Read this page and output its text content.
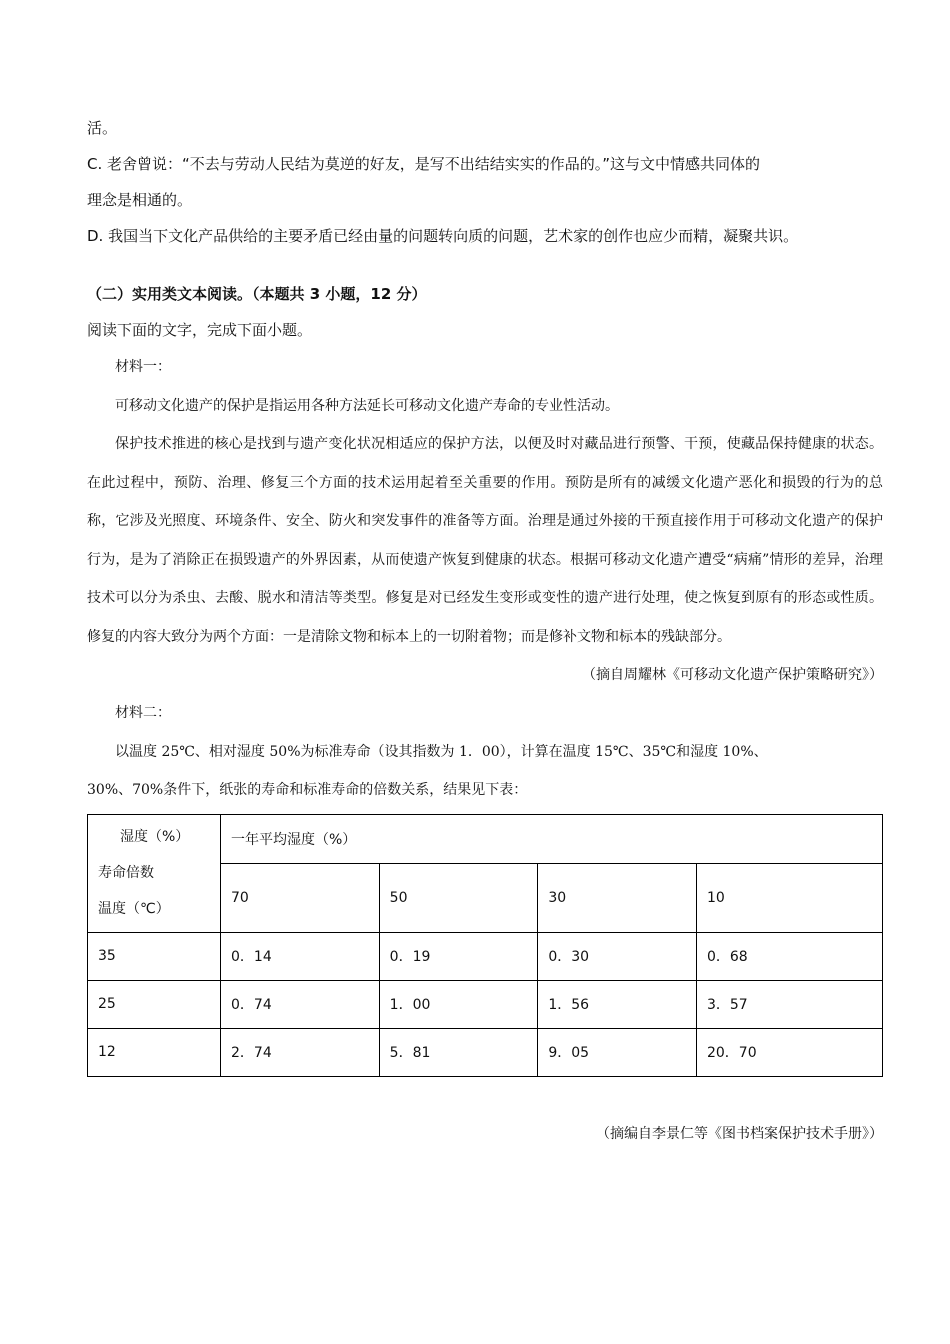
活。

C. 老舍曾说：“不去与劳动人民结为莫逆的好友，是写不出结结实实的作品的。”这与文中情感共同体的

理念是相通的。

D. 我国当下文化产品供给的主要矛盾已经由量的问题转向质的问题，艺术家的创作也应少而精，凝聚共识。

（二）实用类文本阅读。（本题共 3 小题，12 分）

阅读下面的文字，完成下面小题。

材料一：

可移动文化遗产的保护是指运用各种方法延长可移动文化遗产寿命的专业性活动。

保护技术推进的核心是找到与遗产变化状况相适应的保护方法，以便及时对藏品进行预警、干预，使藏品保持健康的状态。在此过程中，预防、治理、修复三个方面的技术运用起着至关重要的作用。预防是所有的减缓文化遗产恶化和损毁的行为的总称，它涉及光照度、环境条件、安全、防火和突发事件的准备等方面。治理是通过外接的干预直接作用于可移动文化遗产的保护行为，是为了消除正在损毁遗产的外界因素，从而使遗产恢复到健康的状态。根据可移动文化遗产遭受“病痛”情形的差异，治理技术可以分为杀虫、去酸、脱水和清洁等类型。修复是对已经发生变形或变性的遗产进行处理，使之恢复到原有的形态或性质。修复的内容大致分为两个方面：一是清除文物和标本上的一切附着物；而是修补文物和标本的残缺部分。

（摘自周耀林《可移动文化遗产保护策略研究》）

材料二：

以温度 25℃、相对湿度 50%为标准寿命（设其指数为 1．00），计算在温度 15℃、35℃和湿度 10%、

30%、70%条件下，纸张的寿命和标准寿命的倍数关系，结果见下表：

湿度（%）
寿命倍数
温度（℃）	一年平均湿度（%）			
	70	50	30	10
35	0．14	0．19	0．30	0．68
25	0．74	1．00	1．56	3．57
12	2．74	5．81	9．05	20．70

（摘编自李景仁等《图书档案保护技术手册》）
